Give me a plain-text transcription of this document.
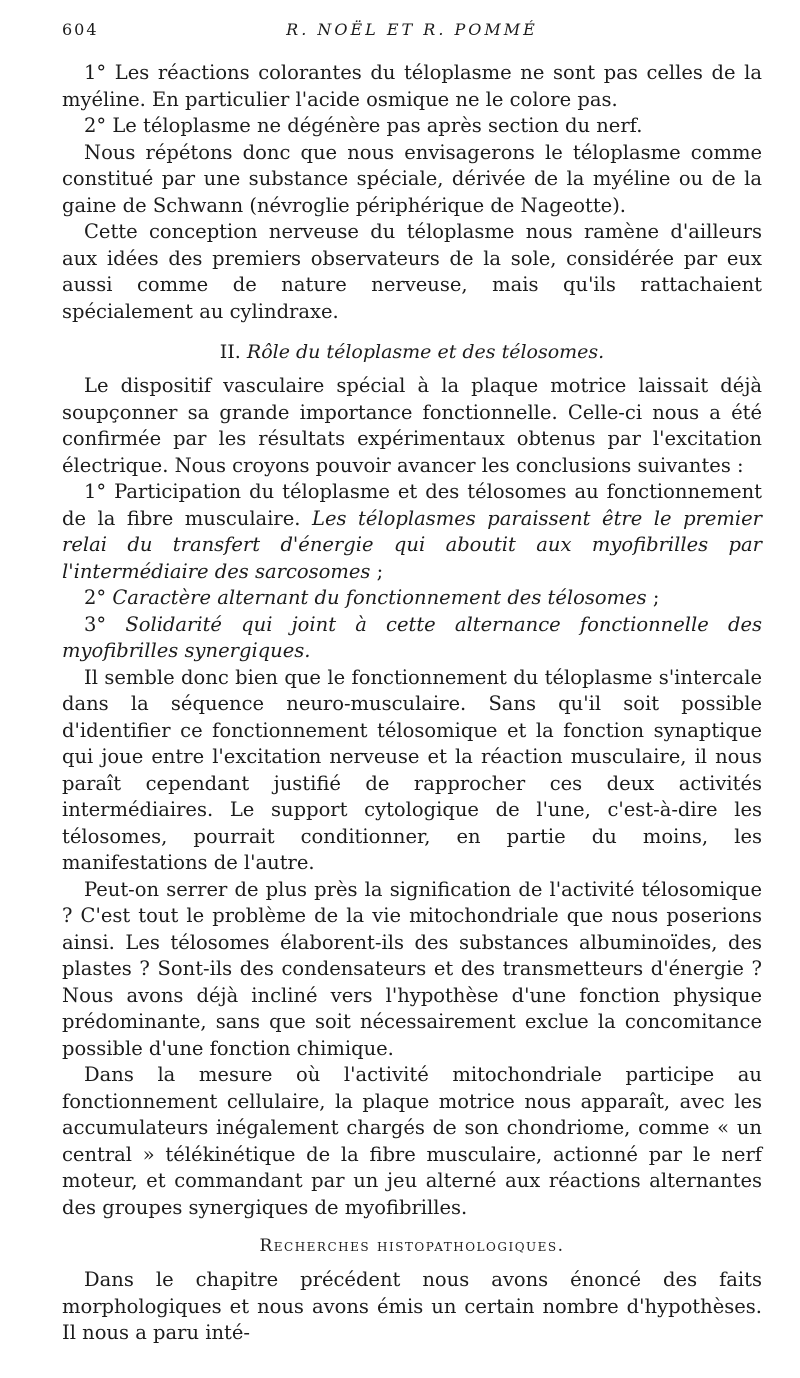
604	R. NOËL ET R. POMMÉ

1° Les réactions colorantes du téloplasme ne sont pas celles de la myéline. En particulier l'acide osmique ne le colore pas.

2° Le téloplasme ne dégénère pas après section du nerf.

Nous répétons donc que nous envisagerons le téloplasme comme constitué par une substance spéciale, dérivée de la myéline ou de la gaine de Schwann (névroglie périphérique de Nageotte).

Cette conception nerveuse du téloplasme nous ramène d'ailleurs aux idées des premiers observateurs de la sole, considérée par eux aussi comme de nature nerveuse, mais qu'ils rattachaient spécialement au cylindraxe.

II. Rôle du téloplasme et des télosomes.

Le dispositif vasculaire spécial à la plaque motrice laissait déjà soupçonner sa grande importance fonctionnelle. Celle-ci nous a été confirmée par les résultats expérimentaux obtenus par l'excitation électrique. Nous croyons pouvoir avancer les conclusions suivantes :

1° Participation du téloplasme et des télosomes au fonctionnement de la fibre musculaire. Les téloplasmes paraissent être le premier relai du transfert d'énergie qui aboutit aux myofibrilles par l'intermédiaire des sarcosomes ;

2° Caractère alternant du fonctionnement des télosomes ;

3° Solidarité qui joint à cette alternance fonctionnelle des myofibrilles synergiques.

Il semble donc bien que le fonctionnement du téloplasme s'intercale dans la séquence neuro-musculaire. Sans qu'il soit possible d'identifier ce fonctionnement télosomique et la fonction synaptique qui joue entre l'excitation nerveuse et la réaction musculaire, il nous paraît cependant justifié de rapprocher ces deux activités intermédiaires. Le support cytologique de l'une, c'est-à-dire les télosomes, pourrait conditionner, en partie du moins, les manifestations de l'autre.

Peut-on serrer de plus près la signification de l'activité télosomique ? C'est tout le problème de la vie mitochondriale que nous poserions ainsi. Les télosomes élaborent-ils des substances albuminoïdes, des plastes ? Sont-ils des condensateurs et des transmetteurs d'énergie ? Nous avons déjà incliné vers l'hypothèse d'une fonction physique prédominante, sans que soit nécessairement exclue la concomitance possible d'une fonction chimique.

Dans la mesure où l'activité mitochondriale participe au fonctionnement cellulaire, la plaque motrice nous apparaît, avec les accumulateurs inégalement chargés de son chondriome, comme « un central » télékinétique de la fibre musculaire, actionné par le nerf moteur, et commandant par un jeu alterné aux réactions alternantes des groupes synergiques de myofibrilles.

Recherches histopathologiques.

Dans le chapitre précédent nous avons énoncé des faits morphologiques et nous avons émis un certain nombre d'hypothèses. Il nous a paru inté-
